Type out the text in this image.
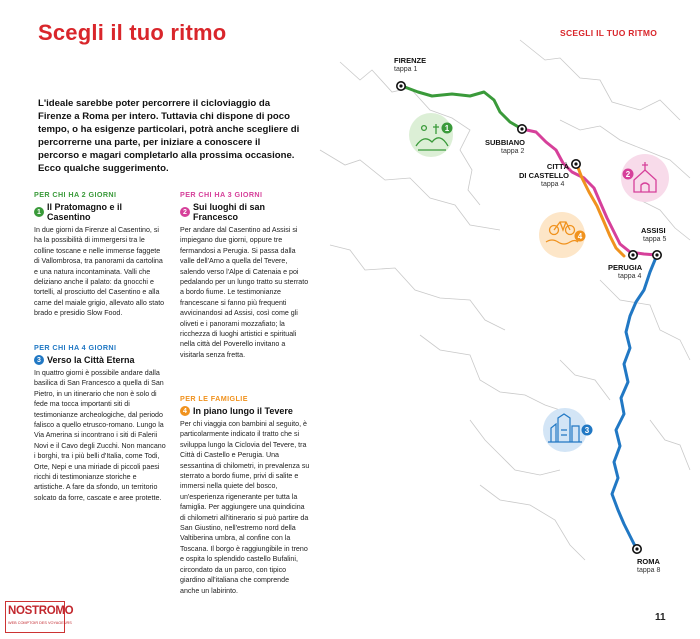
Scegli il tuo ritmo	SCEGLI IL TUO RITMO
L'ideale sarebbe poter percorrere il cicloviaggio da Firenze a Roma per intero. Tuttavia chi dispone di poco tempo, o ha esigenze particolari, potrà anche scegliere di percorrerne una parte, per iniziare a conoscere il percorso e magari completarlo alla prossima occasione. Ecco qualche suggerimento.
PER CHI HA 2 GIORNI
1 Il Pratomagno e il Casentino
In due giorni da Firenze al Casentino, si ha la possibilità di immergersi tra le colline toscane e nelle immense faggete di Vallombrosa, tra panorami da cartolina e una natura incontaminata. Valli che deliziano anche il palato: da gnocchi e tortelli, al prosciutto del Casentino e alla carne del maiale grigio, allevato allo stato brado e presidio Slow Food.
PER CHI HA 3 GIORNI
2 Sui luoghi di san Francesco
Per andare dal Casentino ad Assisi si impiegano due giorni, oppure tre fermandosi a Perugia. Si passa dalla valle dell'Arno a quella del Tevere, salendo verso l'Alpe di Catenaia e poi pedalando per un lungo tratto su sterrato a bordo fiume. Le testimonianze francescane si fanno più frequenti avvicinandosi ad Assisi, così come gli oliveti e i panorami mozzafiato; la ricchezza di luoghi artistici e spirituali nella città del Poverello invitano a visitarla senza fretta.
PER CHI HA 4 GIORNI
3 Verso la Città Eterna
In quattro giorni è possibile andare dalla basilica di San Francesco a quella di San Pietro, in un itinerario che non è solo di fede ma tocca importanti siti di testimonianze archeologiche, dal periodo falisco a quello etrusco-romano. Lungo la Via Amerina si incontrano i siti di Falerii Novi e il Cavo degli Zucchi. Non mancano i borghi, tra i più belli d'Italia, come Todi, Orte, Nepi e una miriade di piccoli paesi ricchi di testimonianze storiche e artistiche. A fare da sfondo, un territorio solcato da forre, cascate e aree protette.
PER LE FAMIGLIE
4 In piano lungo il Tevere
Per chi viaggia con bambini al seguito, è particolarmente indicato il tratto che si sviluppa lungo la Ciclovia del Tevere, tra Città di Castello e Perugia. Una sessantina di chilometri, in prevalenza su sterrato a bordo fiume, privi di salite e immersi nella quiete del bosco, un'esperienza rigenerante per tutta la famiglia. Per aggiungere una quindicina di chilometri all'itinerario si può partire da San Giustino, nell'estremo nord della Valtiberina umbra, al confine con la Toscana. Il borgo è raggiungibile in treno e ospita lo splendido castello Bufalini, circondato da un parco, con tipico giardino all'italiana che comprende anche un labirinto.
1
2
4
3
FIRENZE
tappa 1
SUBBIANO
tappa 2
CITTÀ
DI CASTELLO
tappa 4
ASSISI
tappa 5
PERUGIA
tappa 4
ROMA
tappa 8
11
NOSTROMO
WEB COMPTOIR DES VOYAGEURS
